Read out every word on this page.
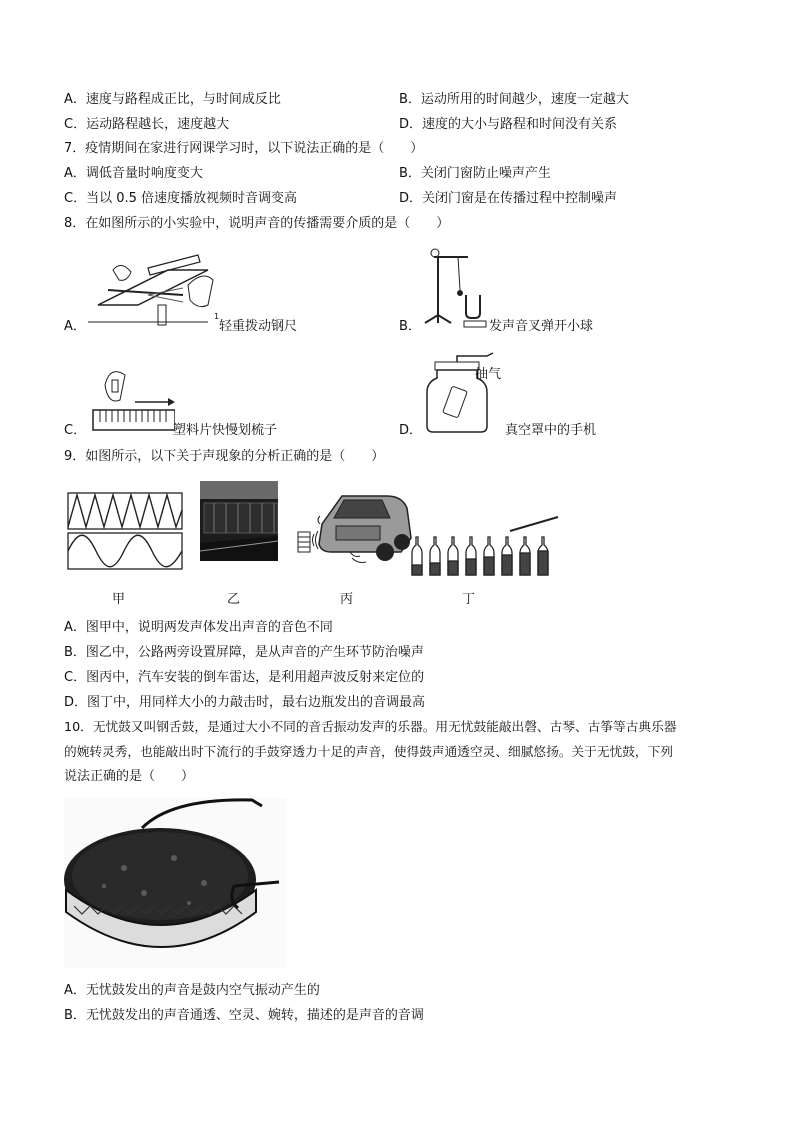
A．速度与路程成正比，与时间成反比	B．运动所用的时间越少，速度一定越大
C．运动路程越长，速度越大	D．速度的大小与路程和时间没有关系
7．疫情期间在家进行网课学习时，以下说法正确的是（　　）
A．调低音量时响度变大	B．关闭门窗防止噪声产生
C．当以 0.5 倍速度播放视频时音调变高	D．关闭门窗是在传播过程中控制噪声
8．在如图所示的小实验中，说明声音的传播需要介质的是（　　）
A．
1
轻重拨动钢尺	B．	发声音叉弹开小球
C．	塑料片快慢划梳子	D．
抽气
真空罩中的手机
9．如图所示，以下关于声现象的分析正确的是（　　）
甲	乙	丙	丁
A．图甲中，说明两发声体发出声音的音色不同
B．图乙中，公路两旁设置屏障，是从声音的产生环节防治噪声
C．图丙中，汽车安装的倒车雷达，是利用超声波反射来定位的
D．图丁中，用同样大小的力敲击时，最右边瓶发出的音调最高
10．无忧鼓又叫钢舌鼓，是通过大小不同的音舌振动发声的乐器。用无忧鼓能敲出磬、古琴、古筝等古典乐器
的婉转灵秀，也能敲出时下流行的手鼓穿透力十足的声音，使得鼓声通透空灵、细腻悠扬。关于无忧鼓，下列
说法正确的是（　　）
A．无忧鼓发出的声音是鼓内空气振动产生的
B．无忧鼓发出的声音通透、空灵、婉转，描述的是声音的音调
